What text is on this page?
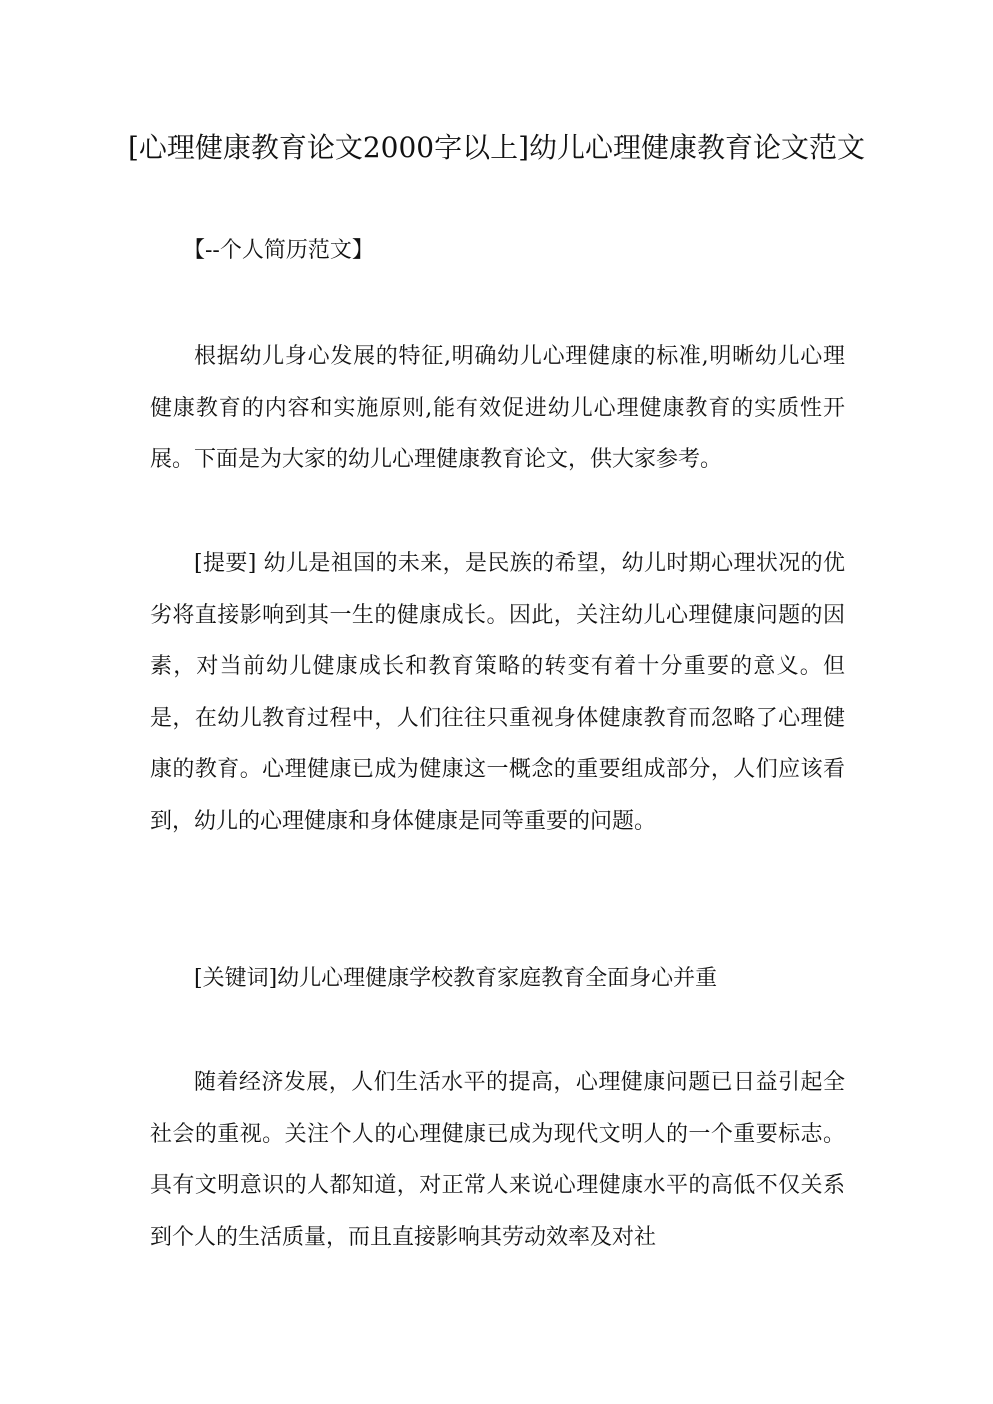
[心理健康教育论文2000字以上]幼儿心理健康教育论文范文

【--个人简历范文】

根据幼儿身心发展的特征,明确幼儿心理健康的标准,明晰幼儿心理健康教育的内容和实施原则,能有效促进幼儿心理健康教育的实质性开展。下面是为大家的幼儿心理健康教育论文，供大家参考。

[提要] 幼儿是祖国的未来，是民族的希望，幼儿时期心理状况的优劣将直接影响到其一生的健康成长。因此，关注幼儿心理健康问题的因素，对当前幼儿健康成长和教育策略的转变有着十分重要的意义。但是，在幼儿教育过程中，人们往往只重视身体健康教育而忽略了心理健康的教育。心理健康已成为健康这一概念的重要组成部分，人们应该看到，幼儿的心理健康和身体健康是同等重要的问题。

[关键词]幼儿心理健康学校教育家庭教育全面身心并重

随着经济发展，人们生活水平的提高，心理健康问题已日益引起全社会的重视。关注个人的心理健康已成为现代文明人的一个重要标志。具有文明意识的人都知道，对正常人来说心理健康水平的高低不仅关系到个人的生活质量，而且直接影响其劳动效率及对社
